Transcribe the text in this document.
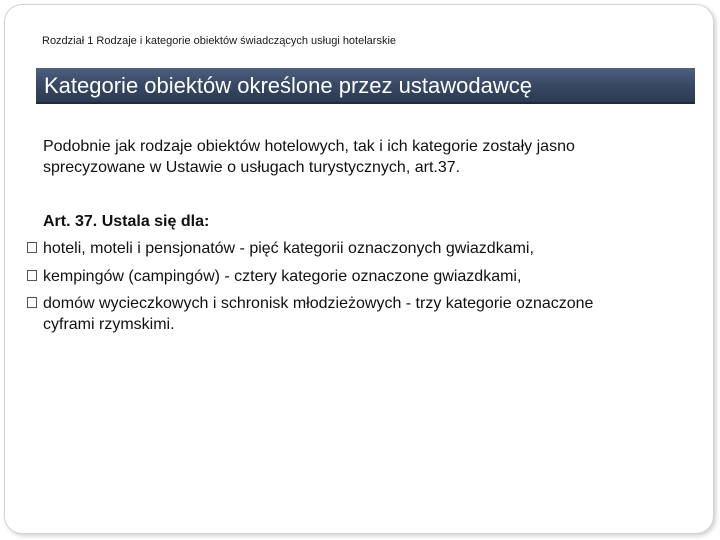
Rozdział 1 Rodzaje i kategorie obiektów świadczących usługi hotelarskie
Kategorie obiektów określone przez ustawodawcę
Podobnie jak rodzaje obiektów hotelowych, tak i ich kategorie zostały jasno
sprecyzowane w Ustawie o usługach turystycznych, art.37.
Art. 37. Ustala się dla:
hoteli, moteli i pensjonatów - pięć kategorii oznaczonych gwiazdkami,
kempingów (campingów) - cztery kategorie oznaczone gwiazdkami,
domów wycieczkowych i schronisk młodzieżowych - trzy kategorie oznaczone
cyframi rzymskimi.
